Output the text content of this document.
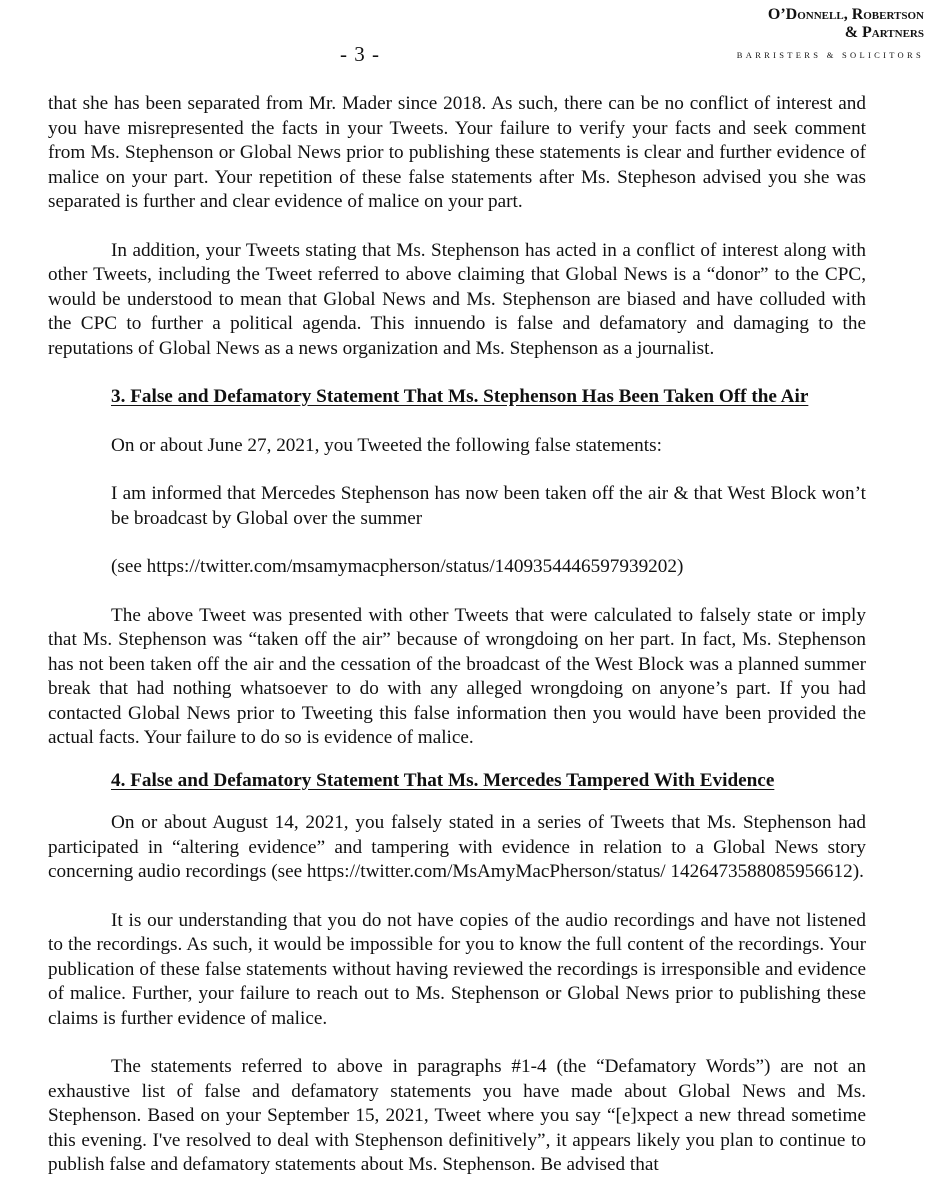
- 3 -
O’Donnell, Robertson
& Partners
BARRISTERS & SOLICITORS

that she has been separated from Mr. Mader since 2018. As such, there can be no conflict of interest and you have misrepresented the facts in your Tweets. Your failure to verify your facts and seek comment from Ms. Stephenson or Global News prior to publishing these statements is clear and further evidence of malice on your part. Your repetition of these false statements after Ms. Stepheson advised you she was separated is further and clear evidence of malice on your part.

In addition, your Tweets stating that Ms. Stephenson has acted in a conflict of interest along with other Tweets, including the Tweet referred to above claiming that Global News is a “donor” to the CPC, would be understood to mean that Global News and Ms. Stephenson are biased and have colluded with the CPC to further a political agenda. This innuendo is false and defamatory and damaging to the reputations of Global News as a news organization and Ms. Stephenson as a journalist.

3. False and Defamatory Statement That Ms. Stephenson Has Been Taken Off the Air

On or about June 27, 2021, you Tweeted the following false statements:

I am informed that Mercedes Stephenson has now been taken off the air & that West Block won’t be broadcast by Global over the summer

(see https://twitter.com/msamymacpherson/status/1409354446597939202)

The above Tweet was presented with other Tweets that were calculated to falsely state or imply that Ms. Stephenson was “taken off the air” because of wrongdoing on her part. In fact, Ms. Stephenson has not been taken off the air and the cessation of the broadcast of the West Block was a planned summer break that had nothing whatsoever to do with any alleged wrongdoing on anyone’s part. If you had contacted Global News prior to Tweeting this false information then you would have been provided the actual facts. Your failure to do so is evidence of malice.

4. False and Defamatory Statement That Ms. Mercedes Tampered With Evidence

On or about August 14, 2021, you falsely stated in a series of Tweets that Ms. Stephenson had participated in “altering evidence” and tampering with evidence in relation to a Global News story concerning audio recordings (see https://twitter.com/MsAmyMacPherson/status/ 1426473588085956612).

It is our understanding that you do not have copies of the audio recordings and have not listened to the recordings. As such, it would be impossible for you to know the full content of the recordings. Your publication of these false statements without having reviewed the recordings is irresponsible and evidence of malice. Further, your failure to reach out to Ms. Stephenson or Global News prior to publishing these claims is further evidence of malice.

The statements referred to above in paragraphs #1-4 (the “Defamatory Words”) are not an exhaustive list of false and defamatory statements you have made about Global News and Ms. Stephenson. Based on your September 15, 2021, Tweet where you say “[e]xpect a new thread sometime this evening. I've resolved to deal with Stephenson definitively”, it appears likely you plan to continue to publish false and defamatory statements about Ms. Stephenson. Be advised that
